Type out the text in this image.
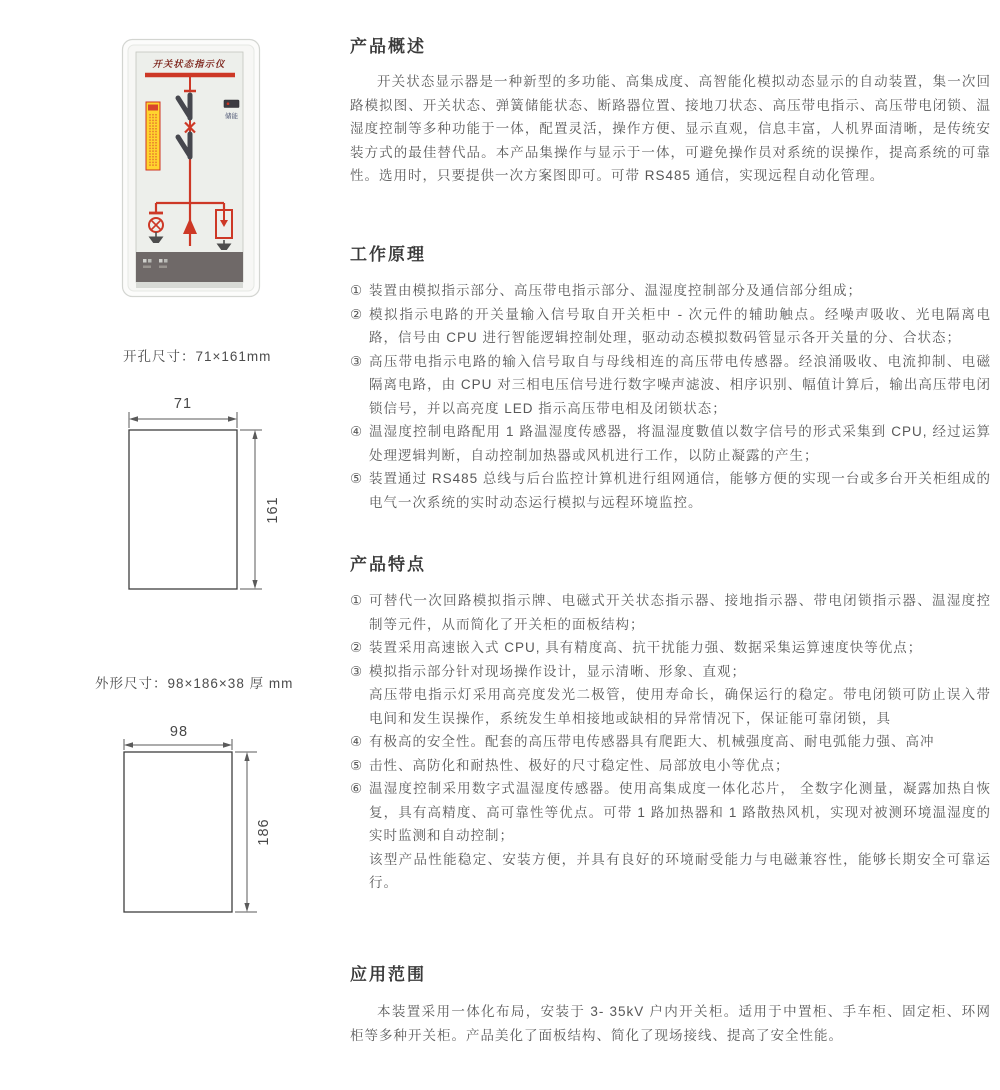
开关状态指示仪
储能
开孔尺寸：71×161mm
71
161
外形尺寸：98×186×38 厚 mm
98
186
产品概述
开关状态显示器是一种新型的多功能、高集成度、高智能化模拟动态显示的自动装置，集一次回路模拟图、开关状态、弹簧储能状态、断路器位置、接地刀状态、高压带电指示、高压带电闭锁、温湿度控制等多种功能于一体，配置灵活，操作方便、显示直观，信息丰富，人机界面清晰，是传统安装方式的最佳替代品。本产品集操作与显示于一体，可避免操作员对系统的误操作，提高系统的可靠性。选用时，只要提供一次方案图即可。可带 RS485 通信，实现远程自动化管理。
工作原理
① 装置由模拟指示部分、高压带电指示部分、温湿度控制部分及通信部分组成；
② 模拟指示电路的开关量输入信号取自开关柜中 - 次元件的辅助触点。经噪声吸收、光电隔离电路，信号由 CPU 进行智能逻辑控制处理，驱动动态模拟数码管显示各开关量的分、合状态；
③ 高压带电指示电路的输入信号取自与母线相连的高压带电传感器。经浪涌吸收、电流抑制、电磁隔离电路，由 CPU 对三相电压信号进行数字噪声滤波、相序识别、幅值计算后，输出高压带电闭锁信号，并以高亮度 LED 指示高压带电相及闭锁状态；
④ 温湿度控制电路配用 1 路温湿度传感器，将温湿度數值以数字信号的形式采集到 CPU, 经过运算处理逻辑判断，自动控制加热器或风机进行工作，以防止凝露的产生；
⑤ 装置通过 RS485 总线与后台监控计算机进行组网通信，能够方便的实现一台或多台开关柜组成的电气一次系统的实时动态运行模拟与远程环境监控。
产品特点
① 可替代一次回路模拟指示牌、电磁式开关状态指示器、接地指示器、带电闭锁指示器、温湿度控制等元件，从而简化了开关柜的面板结构；
② 装置采用高速嵌入式 CPU, 具有精度高、抗干扰能力强、数据采集运算速度快等优点；
③ 模拟指示部分针对现场操作设计，显示清晰、形象、直观；
高压带电指示灯采用高亮度发光二极管，使用寿命长，确保运行的稳定。带电闭锁可防止误入带电间和发生误操作，系统发生单相接地或缺相的异常情况下，保证能可靠闭锁，具
④ 有极高的安全性。配套的高压带电传感器具有爬距大、机械强度高、耐电弧能力强、高冲
⑤ 击性、高防化和耐热性、极好的尺寸稳定性、局部放电小等优点；
⑥ 温湿度控制采用数字式温湿度传感器。使用高集成度一体化芯片， 全数字化测量，凝露加热自恢复，具有高精度、高可靠性等优点。可带 1 路加热器和 1 路散热风机，实现对被测环境温湿度的实时监测和自动控制；
该型产品性能稳定、安装方便，并具有良好的环境耐受能力与电磁兼容性，能够长期安全可靠运行。
应用范围
本装置采用一体化布局，安装于 3- 35kV 户内开关柜。适用于中置柜、手车柜、固定柜、环网柜等多种开关柜。产品美化了面板结构、简化了现场接线、提高了安全性能。
